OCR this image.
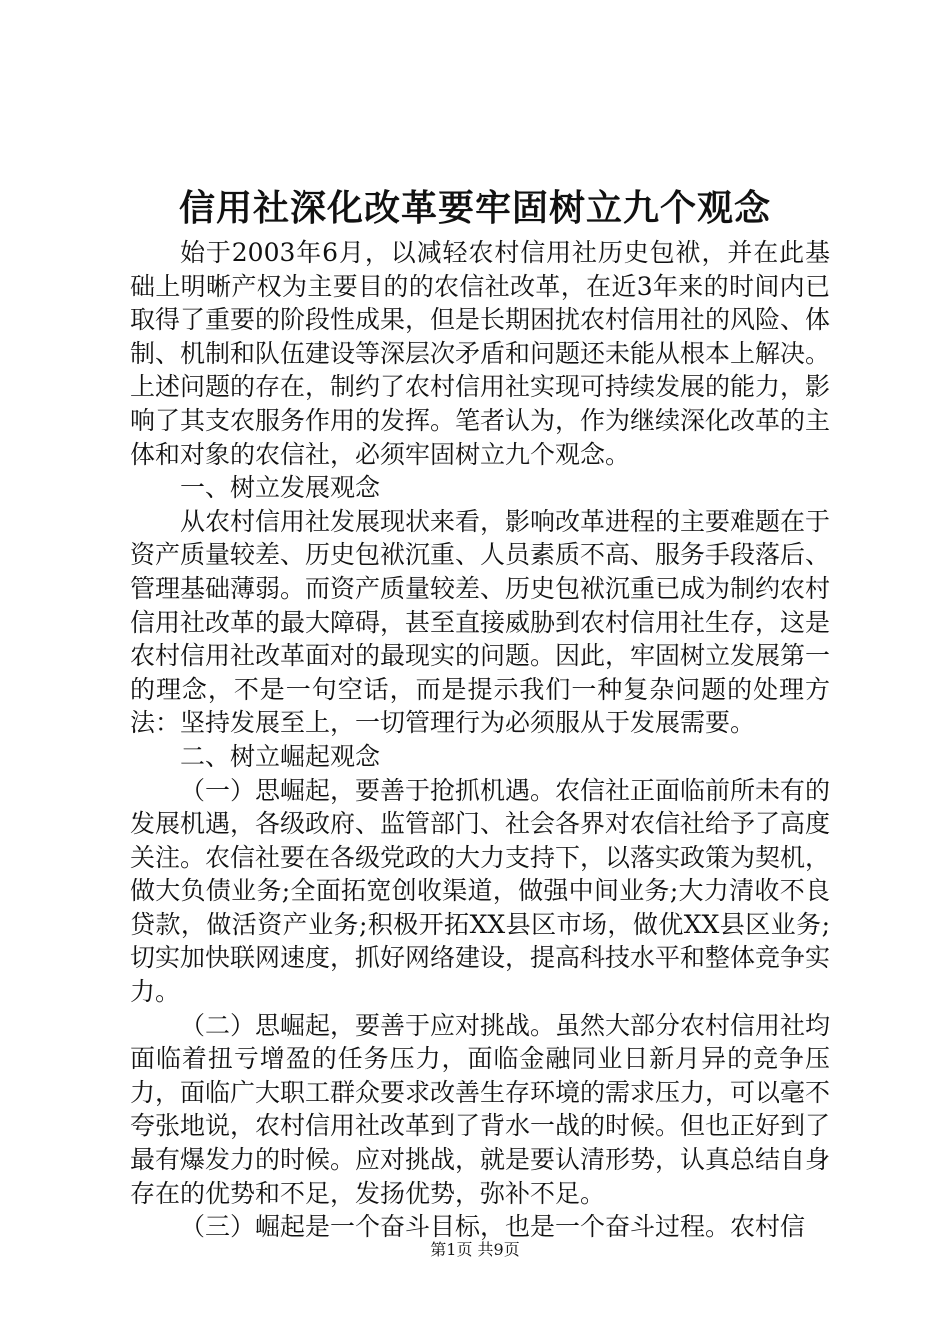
信用社深化改革要牢固树立九个观念

始于2003年6月，以减轻农村信用社历史包袱，并在此基础上明晰产权为主要目的的农信社改革，在近3年来的时间内已取得了重要的阶段性成果，但是长期困扰农村信用社的风险、体制、机制和队伍建设等深层次矛盾和问题还未能从根本上解决。上述问题的存在，制约了农村信用社实现可持续发展的能力，影响了其支农服务作用的发挥。笔者认为，作为继续深化改革的主体和对象的农信社，必须牢固树立九个观念。

一、树立发展观念

从农村信用社发展现状来看，影响改革进程的主要难题在于资产质量较差、历史包袱沉重、人员素质不高、服务手段落后、管理基础薄弱。而资产质量较差、历史包袱沉重已成为制约农村信用社改革的最大障碍，甚至直接威胁到农村信用社生存，这是农村信用社改革面对的最现实的问题。因此，牢固树立发展第一的理念，不是一句空话，而是提示我们一种复杂问题的处理方法：坚持发展至上，一切管理行为必须服从于发展需要。

二、树立崛起观念

（一）思崛起，要善于抢抓机遇。农信社正面临前所未有的发展机遇，各级政府、监管部门、社会各界对农信社给予了高度关注。农信社要在各级党政的大力支持下，以落实政策为契机，做大负债业务;全面拓宽创收渠道，做强中间业务;大力清收不良贷款，做活资产业务;积极开拓XX县区市场，做优XX县区业务;切实加快联网速度，抓好网络建设，提高科技水平和整体竞争实力。

（二）思崛起，要善于应对挑战。虽然大部分农村信用社均面临着扭亏增盈的任务压力，面临金融同业日新月异的竞争压力，面临广大职工群众要求改善生存环境的需求压力，可以毫不夸张地说，农村信用社改革到了背水一战的时候。但也正好到了最有爆发力的时候。应对挑战，就是要认清形势，认真总结自身存在的优势和不足，发扬优势，弥补不足。

（三）崛起是一个奋斗目标，也是一个奋斗过程。农村信

第1页 共9页
